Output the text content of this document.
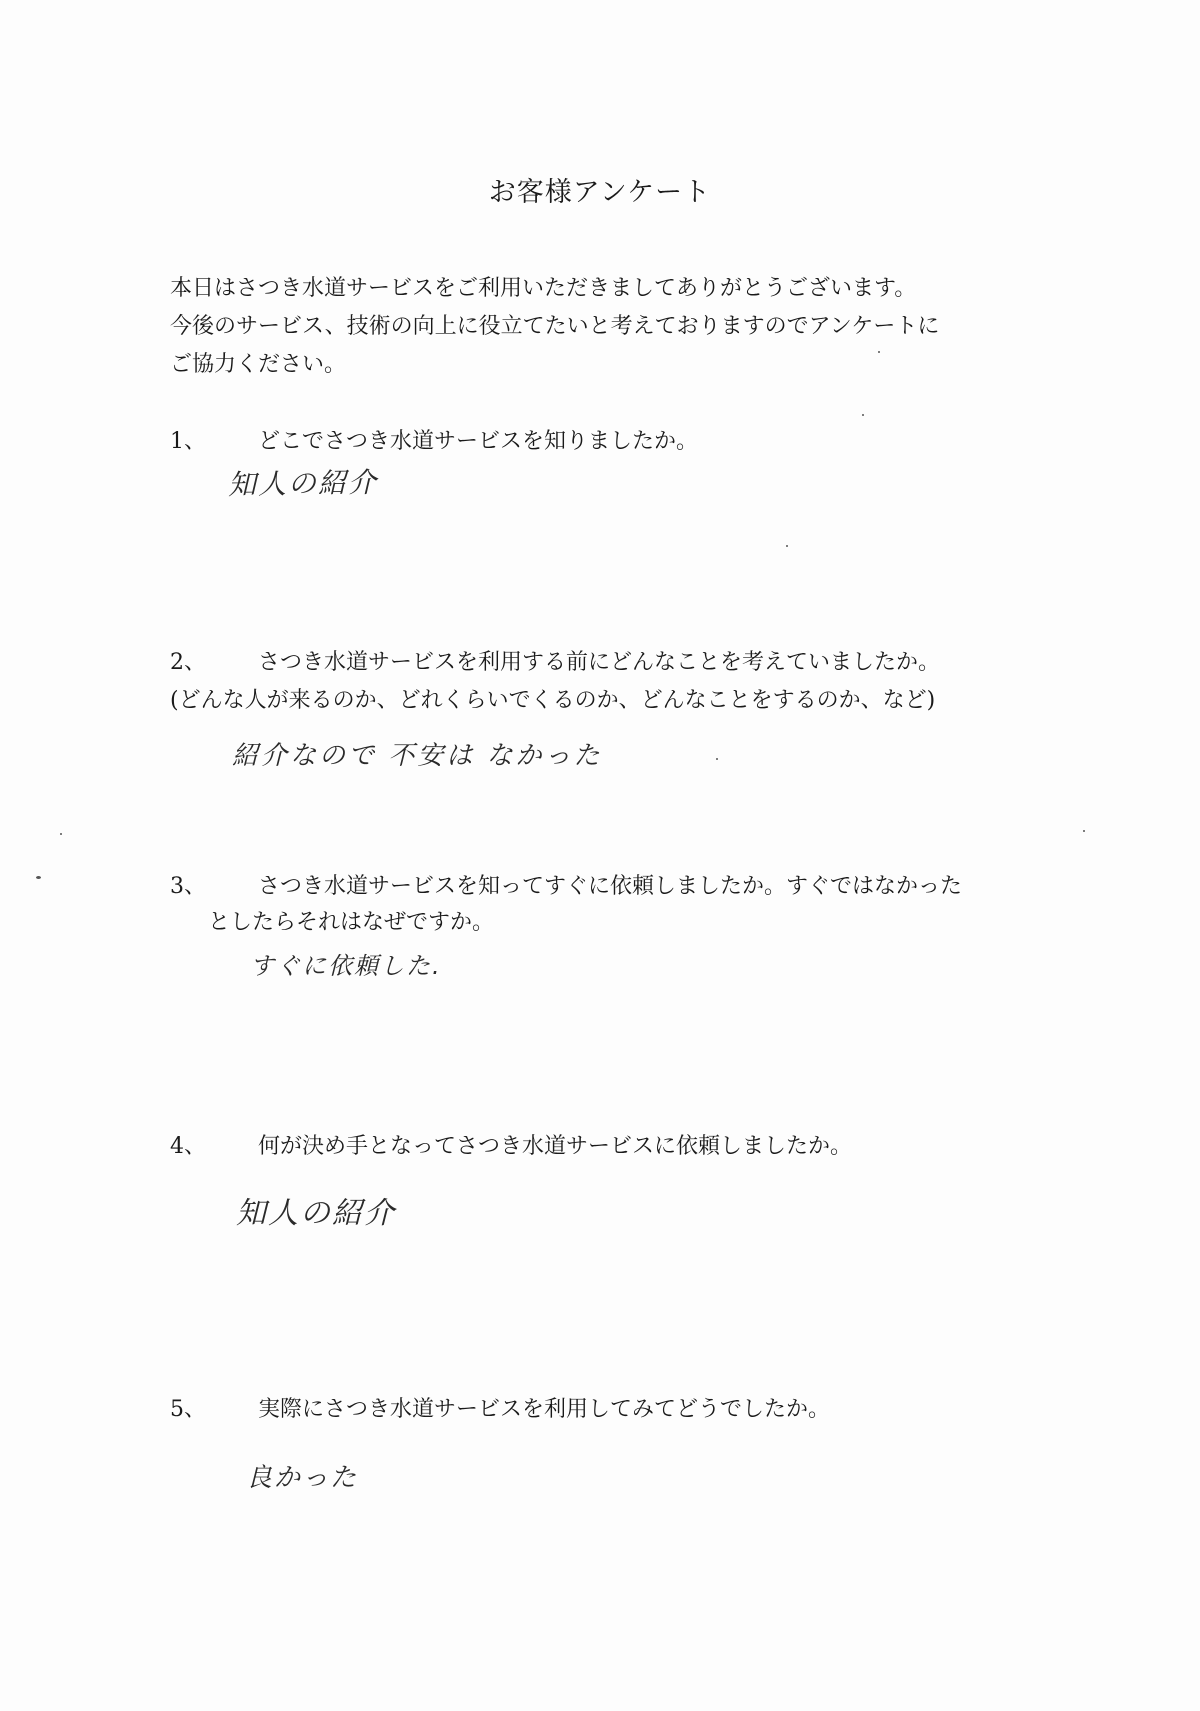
お客様アンケート
本日はさつき水道サービスをご利用いただきましてありがとうございます。
今後のサービス、技術の向上に役立てたいと考えておりますのでアンケートに
ご協力ください。
1、 どこでさつき水道サービスを知りましたか。
知人の紹介
2、 さつき水道サービスを利用する前にどんなことを考えていましたか。
(どんな人が来るのか、どれくらいでくるのか、どんなことをするのか、など)
紹介なので 不安は なかった
3、 さつき水道サービスを知ってすぐに依頼しましたか。すぐではなかった
としたらそれはなぜですか。
すぐに依頼した.
4、 何が決め手となってさつき水道サービスに依頼しましたか。
知人の紹介
5、 実際にさつき水道サービスを利用してみてどうでしたか。
良かった
